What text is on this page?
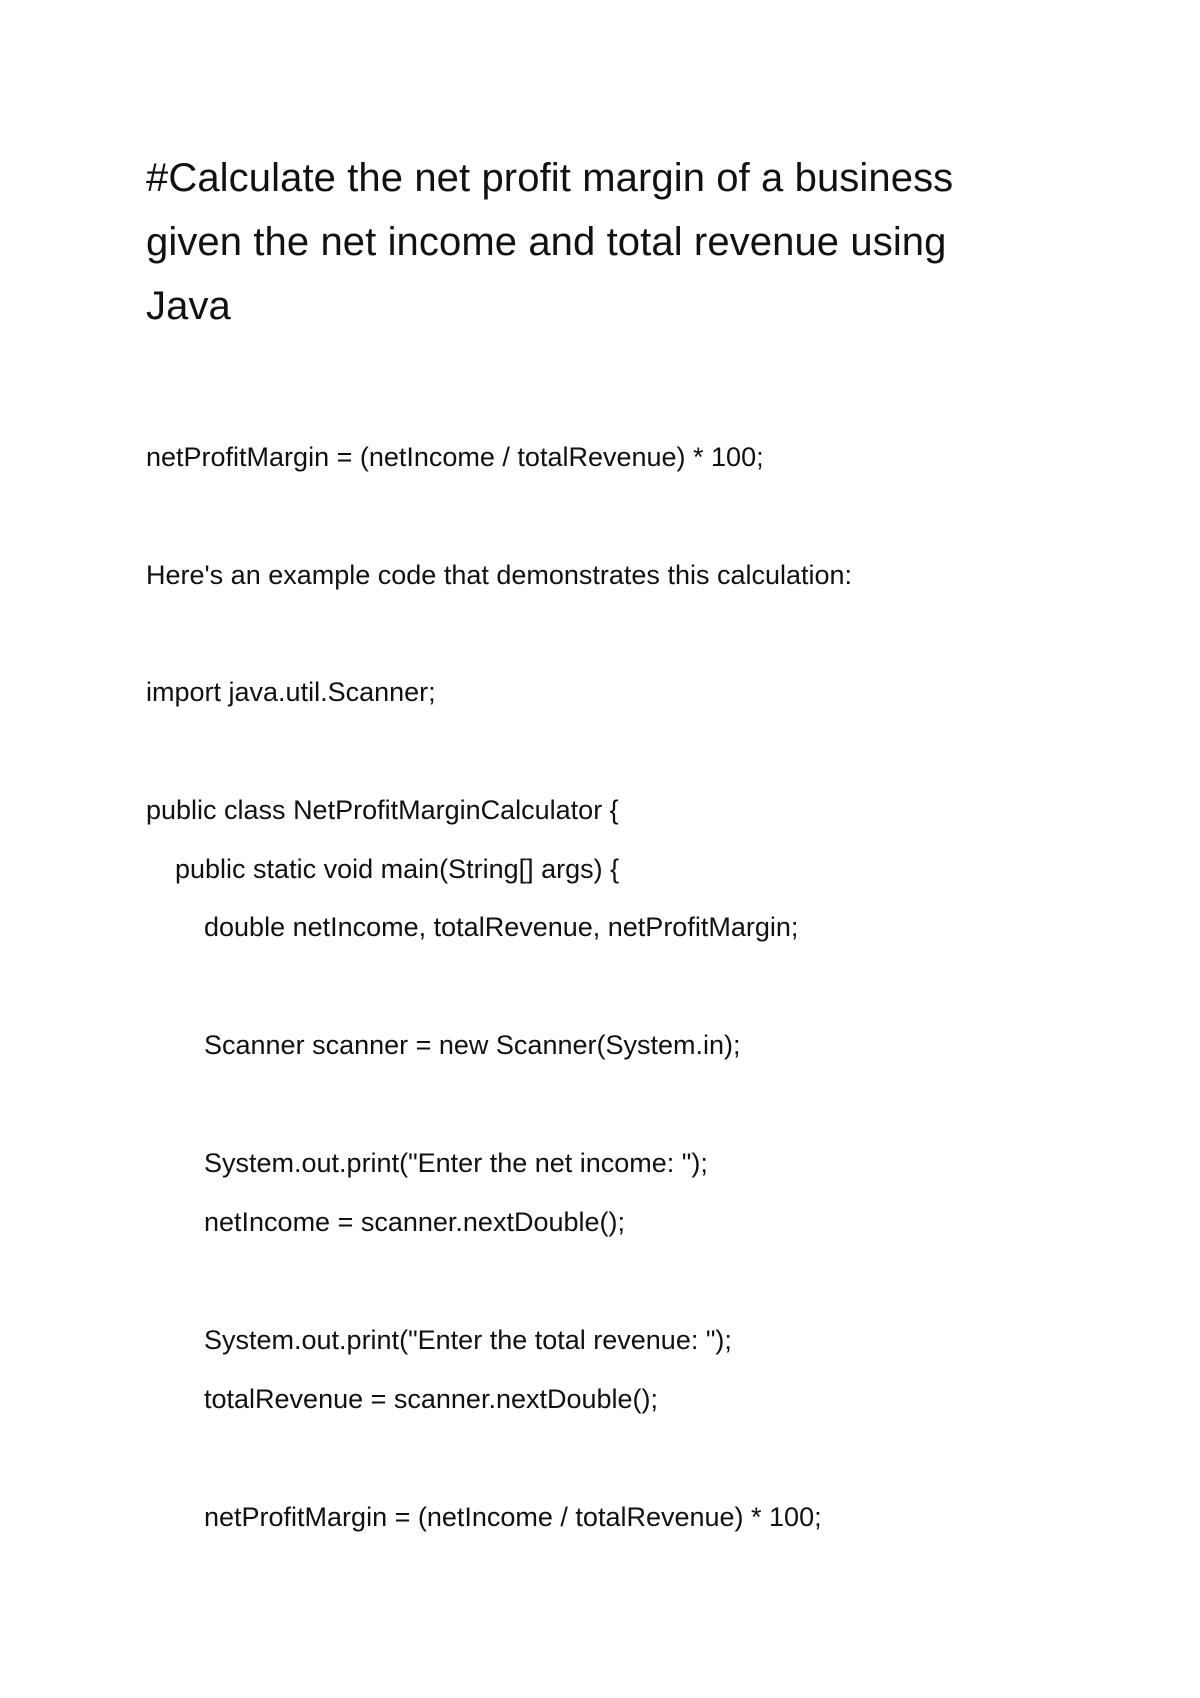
#Calculate the net profit margin of a business
given the net income and total revenue using
Java
netProfitMargin = (netIncome / totalRevenue) * 100;
Here's an example code that demonstrates this calculation:
import java.util.Scanner;
public class NetProfitMarginCalculator {
public static void main(String[] args) {
double netIncome, totalRevenue, netProfitMargin;
Scanner scanner = new Scanner(System.in);
System.out.print("Enter the net income: ");
netIncome = scanner.nextDouble();
System.out.print("Enter the total revenue: ");
totalRevenue = scanner.nextDouble();
netProfitMargin = (netIncome / totalRevenue) * 100;
